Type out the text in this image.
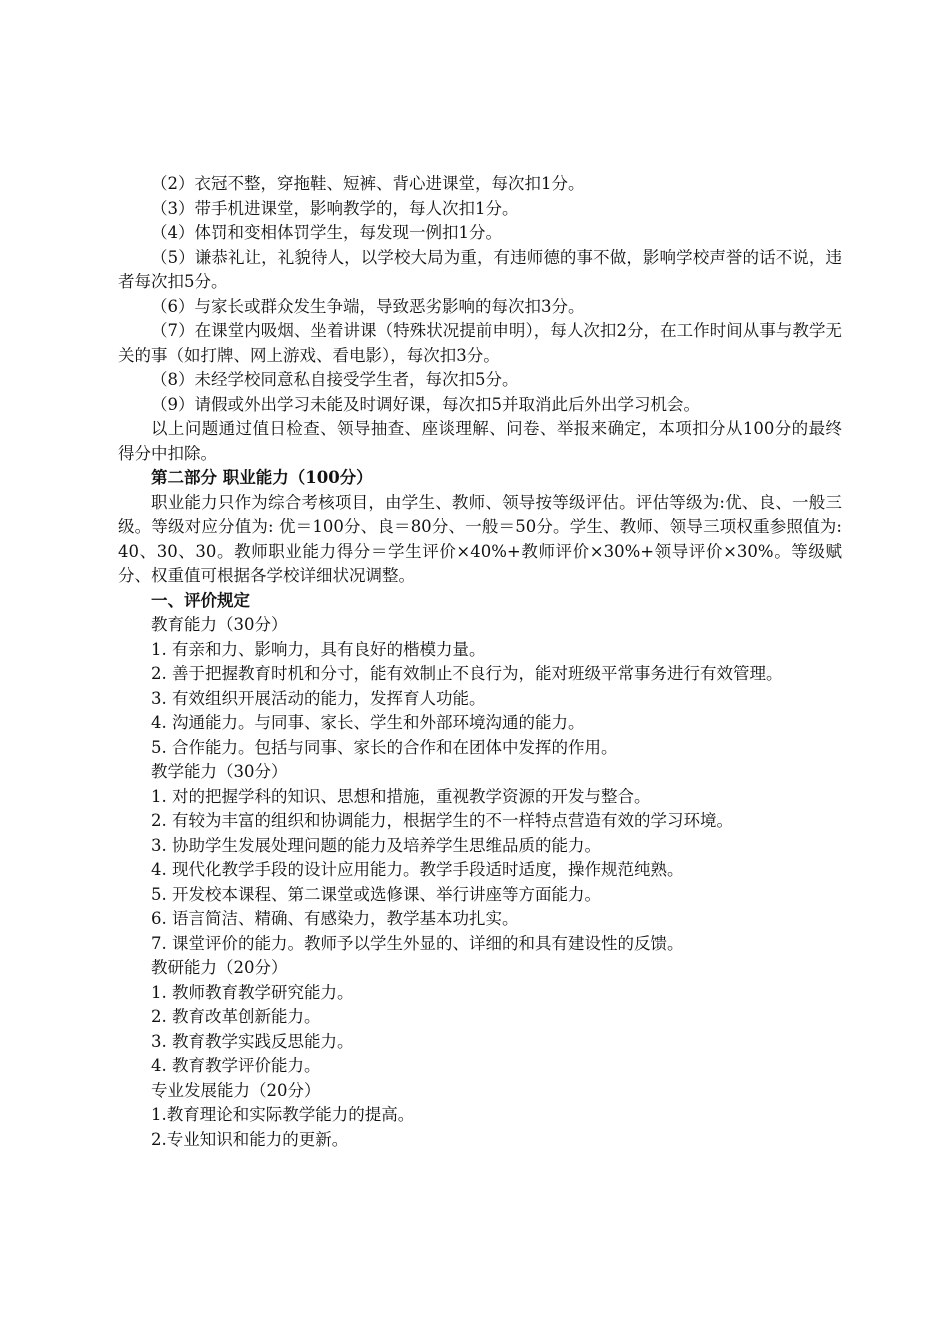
（2）衣冠不整，穿拖鞋、短裤、背心进课堂，每次扣1分。

（3）带手机进课堂，影响教学的，每人次扣1分。

（4）体罚和变相体罚学生，每发现一例扣1分。

（5）谦恭礼让，礼貌待人，以学校大局为重，有违师德的事不做，影响学校声誉的话不说，违者每次扣5分。

（6）与家长或群众发生争端，导致恶劣影响的每次扣3分。

（7）在课堂内吸烟、坐着讲课（特殊状况提前申明），每人次扣2分，在工作时间从事与教学无关的事（如打牌、网上游戏、看电影），每次扣3分。

（8）未经学校同意私自接受学生者，每次扣5分。

（9）请假或外出学习未能及时调好课，每次扣5并取消此后外出学习机会。

以上问题通过值日检查、领导抽查、座谈理解、问卷、举报来确定，本项扣分从100分的最终得分中扣除。

第二部分 职业能力（100分）

职业能力只作为综合考核项目，由学生、教师、领导按等级评估。评估等级为:优、良、一般三级。等级对应分值为: 优＝100分、良＝80分、一般＝50分。学生、教师、领导三项权重参照值为: 40、30、30。教师职业能力得分＝学生评价×40%+教师评价×30%+领导评价×30%。等级赋分、权重值可根据各学校详细状况调整。

一、评价规定

教育能力（30分）

1. 有亲和力、影响力，具有良好的楷模力量。

2. 善于把握教育时机和分寸，能有效制止不良行为，能对班级平常事务进行有效管理。

3. 有效组织开展活动的能力，发挥育人功能。

4. 沟通能力。与同事、家长、学生和外部环境沟通的能力。

5. 合作能力。包括与同事、家长的合作和在团体中发挥的作用。

教学能力（30分）

1. 对的把握学科的知识、思想和措施，重视教学资源的开发与整合。

2. 有较为丰富的组织和协调能力，根据学生的不一样特点营造有效的学习环境。

3. 协助学生发展处理问题的能力及培养学生思维品质的能力。

4. 现代化教学手段的设计应用能力。教学手段适时适度，操作规范纯熟。

5. 开发校本课程、第二课堂或选修课、举行讲座等方面能力。

6. 语言简洁、精确、有感染力，教学基本功扎实。

7. 课堂评价的能力。教师予以学生外显的、详细的和具有建设性的反馈。

教研能力（20分）

1. 教师教育教学研究能力。

2. 教育改革创新能力。

3. 教育教学实践反思能力。

4. 教育教学评价能力。

专业发展能力（20分）

1.教育理论和实际教学能力的提高。

2.专业知识和能力的更新。
